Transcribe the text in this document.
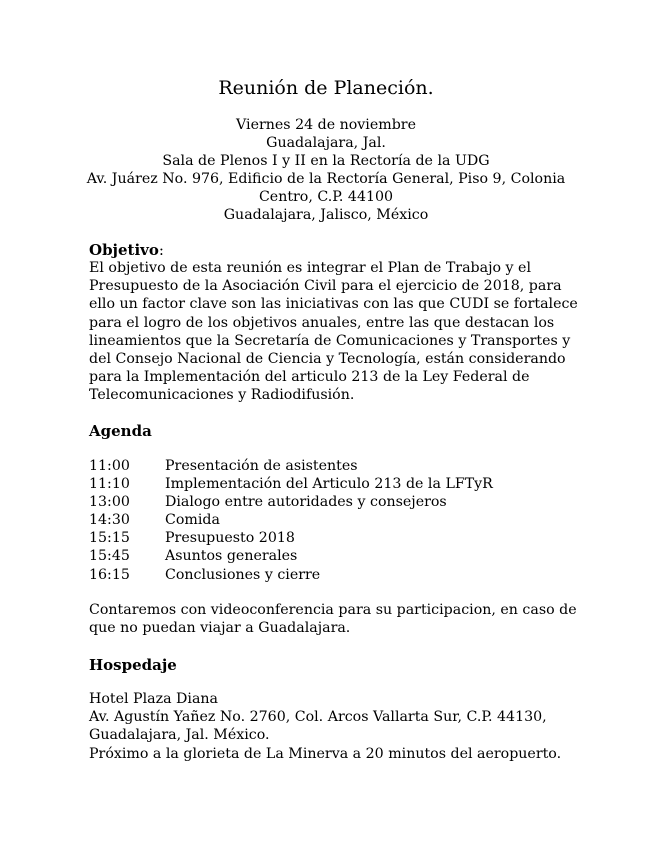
Reunión de Planeción.
Viernes 24 de noviembre
Guadalajara, Jal.
Sala de Plenos I y II en la Rectoría de la UDG
Av. Juárez No. 976, Edificio de la Rectoría General, Piso 9, Colonia
Centro, C.P. 44100
Guadalajara, Jalisco, México
Objetivo:
El objetivo de esta reunión es integrar el Plan de Trabajo y el
Presupuesto de la Asociación Civil para el ejercicio de 2018, para
ello un factor clave son las iniciativas con las que CUDI se fortalece
para el logro de los objetivos anuales, entre las que destacan los
lineamientos que la Secretaría de Comunicaciones y Transportes y
del Consejo Nacional de Ciencia y Tecnología, están considerando
para la Implementación del articulo 213 de la Ley Federal de
Telecomunicaciones y Radiodifusión.
Agenda
11:00	Presentación de asistentes
11:10	Implementación del Articulo 213 de la LFTyR
13:00	Dialogo entre autoridades y consejeros
14:30	Comida
15:15	Presupuesto 2018
15:45	Asuntos generales
16:15	Conclusiones y cierre
Contaremos con videoconferencia para su participacion, en caso de
que no puedan viajar a Guadalajara.
Hospedaje
Hotel Plaza Diana
Av. Agustín Yañez No. 2760, Col. Arcos Vallarta Sur, C.P. 44130,
Guadalajara, Jal. México.
Próximo a la glorieta de La Minerva a 20 minutos del aeropuerto.
